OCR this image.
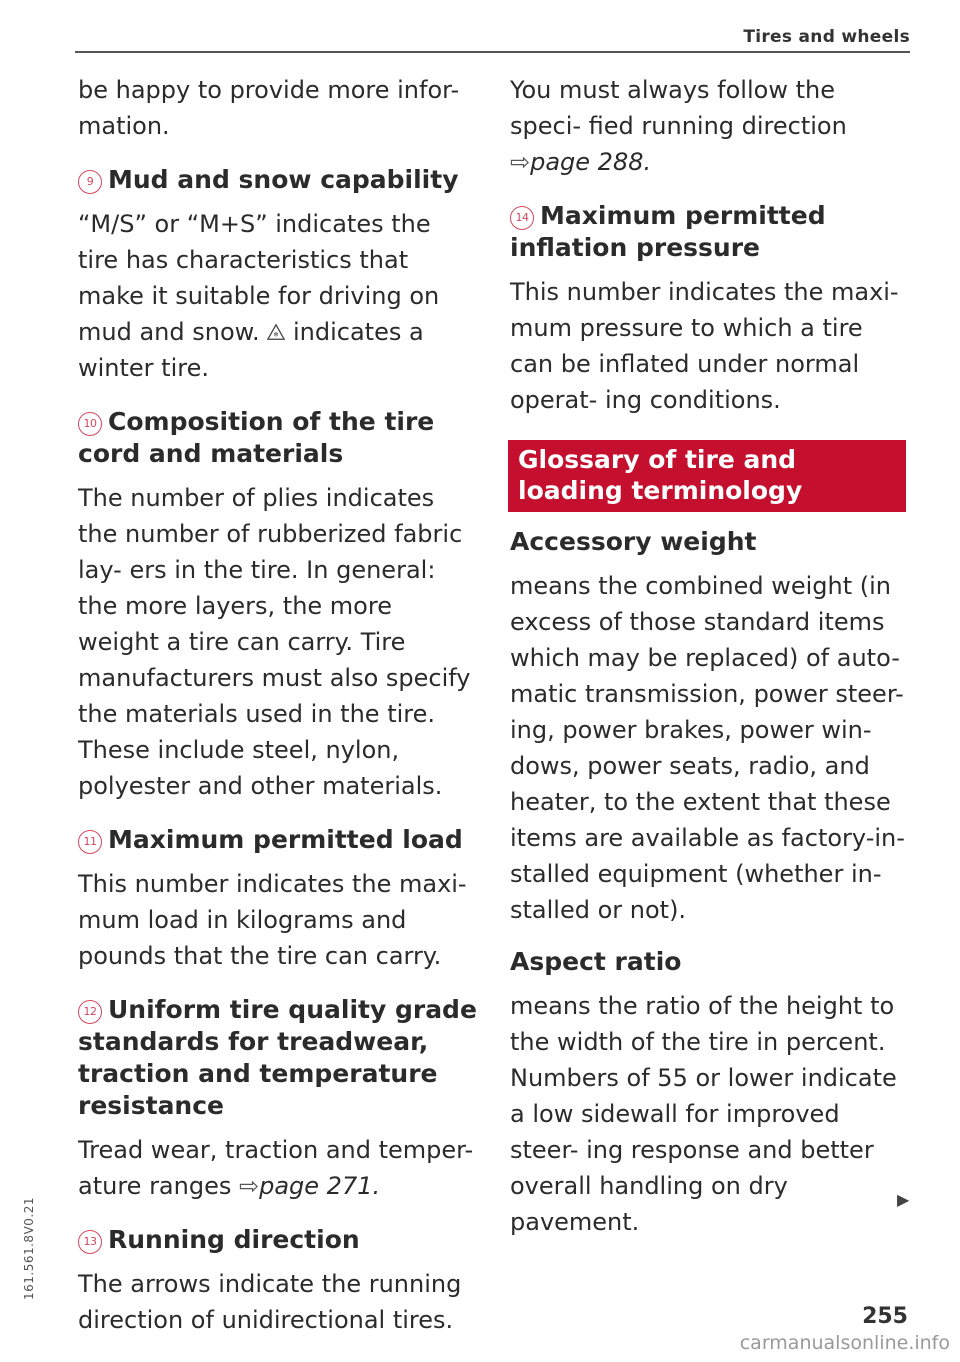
Tires and wheels

be happy to provide more infor- mation.

9 Mud and snow capability

“M/S” or “M+S” indicates the tire has characteristics that make it suitable for driving on mud and snow. ✻ indicates a winter tire.

10 Composition of the tire cord and materials

The number of plies indicates the number of rubberized fabric lay- ers in the tire. In general: the more layers, the more weight a tire can carry. Tire manufacturers must also specify the materials used in the tire. These include steel, nylon, polyester and other materials.

11 Maximum permitted load

This number indicates the maxi- mum load in kilograms and pounds that the tire can carry.

12 Uniform tire quality grade standards for treadwear, traction and temperature resistance

Tread wear, traction and temper- ature ranges ⇨page 271.

13 Running direction

The arrows indicate the running direction of unidirectional tires.

You must always follow the speci- fied running direction ⇨page 288.

14 Maximum permitted inflation pressure

This number indicates the maxi- mum pressure to which a tire can be inflated under normal operat- ing conditions.

Glossary of tire and loading terminology
Accessory weight

means the combined weight (in excess of those standard items which may be replaced) of auto- matic transmission, power steer- ing, power brakes, power win- dows, power seats, radio, and heater, to the extent that these items are available as factory-in- stalled equipment (whether in- stalled or not).

Aspect ratio

means the ratio of the height to the width of the tire in percent. Numbers of 55 or lower indicate a low sidewall for improved steer- ing response and better overall handling on dry pavement.

▶
255
161.561.8V0.21
carmanualsonline.info
